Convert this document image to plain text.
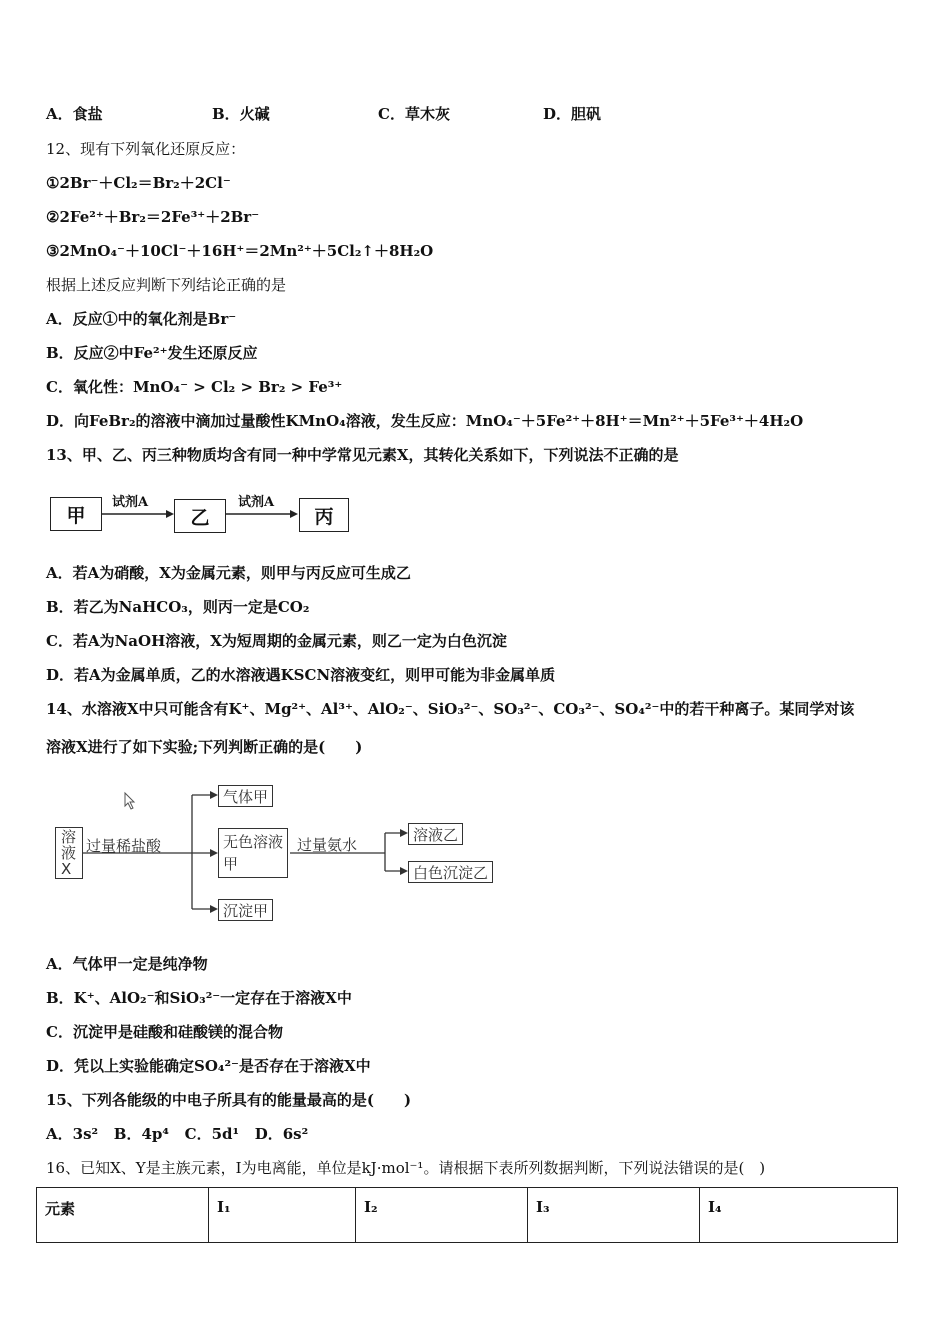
A．食盐	B．火碱	C．草木灰	D．胆矾
12、现有下列氧化还原反应：
①2Br⁻＋Cl₂＝Br₂＋2Cl⁻
②2Fe²⁺＋Br₂＝2Fe³⁺＋2Br⁻
③2MnO₄⁻＋10Cl⁻＋16H⁺＝2Mn²⁺＋5Cl₂↑＋8H₂O
根据上述反应判断下列结论正确的是
A．反应①中的氧化剂是Br⁻
B．反应②中Fe²⁺发生还原反应
C．氧化性：MnO₄⁻ > Cl₂ > Br₂ > Fe³⁺
D．向FeBr₂的溶液中滴加过量酸性KMnO₄溶液，发生反应：MnO₄⁻＋5Fe²⁺＋8H⁺＝Mn²⁺＋5Fe³⁺＋4H₂O
13、甲、乙、丙三种物质均含有同一种中学常见元素X，其转化关系如下，下列说法不正确的是
甲	乙	丙
试剂A	试剂A
A．若A为硝酸，X为金属元素，则甲与丙反应可生成乙
B．若乙为NaHCO₃，则丙一定是CO₂
C．若A为NaOH溶液，X为短周期的金属元素，则乙一定为白色沉淀
D．若A为金属单质，乙的水溶液遇KSCN溶液变红，则甲可能为非金属单质
14、水溶液X中只可能含有K⁺、Mg²⁺、Al³⁺、AlO₂⁻、SiO₃²⁻、SO₃²⁻、CO₃²⁻、SO₄²⁻中的若干种离子。某同学对该
溶液X进行了如下实验;下列判断正确的是(　　)
溶液X
过量稀盐酸
气体甲
无色溶液甲
沉淀甲
过量氨水
溶液乙
白色沉淀乙
A．气体甲一定是纯净物
B．K⁺、AlO₂⁻和SiO₃²⁻一定存在于溶液X中
C．沉淀甲是硅酸和硅酸镁的混合物
D．凭以上实验能确定SO₄²⁻是否存在于溶液X中
15、下列各能级的中电子所具有的能量最高的是(　　)
A．3s² B．4p⁴ C．5d¹ D．6s²
16、已知X、Y是主族元素，I为电离能，单位是kJ·mol⁻¹。请根据下表所列数据判断，下列说法错误的是(　)
元素	I₁	I₂	I₃	I₄
